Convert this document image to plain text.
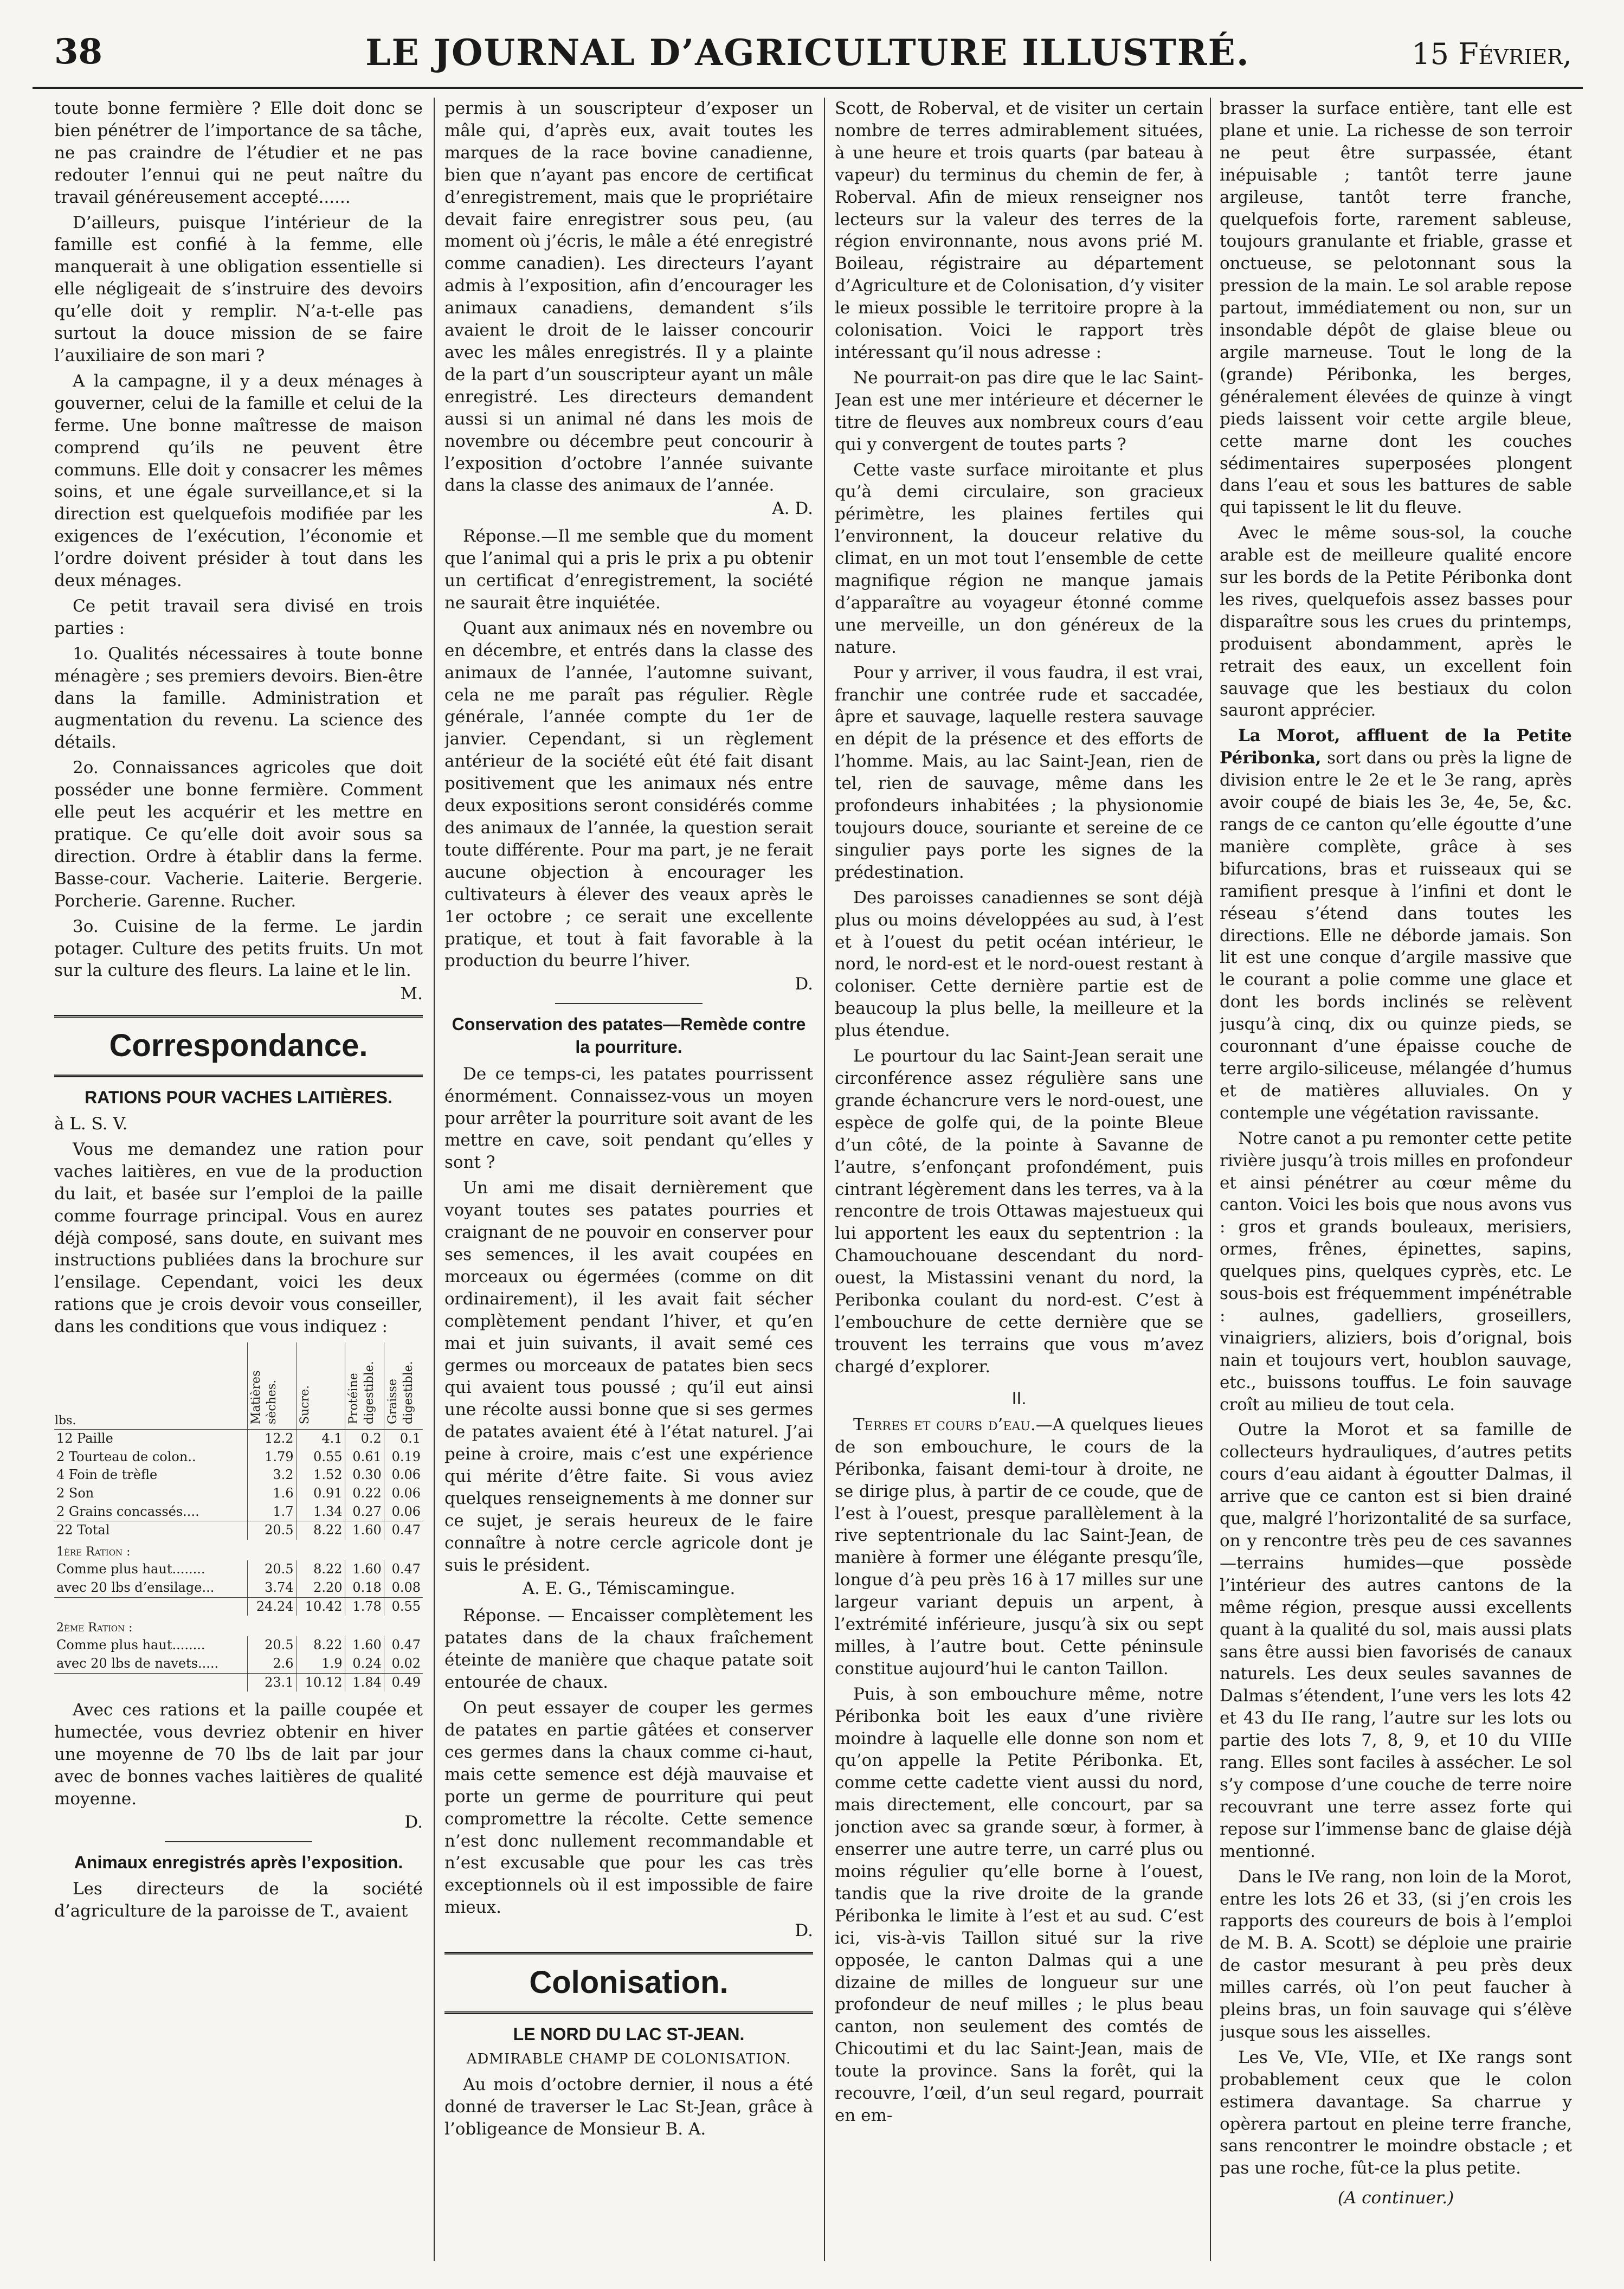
38	LE JOURNAL D’AGRICULTURE ILLUSTRÉ.	15 Février,

toute bonne fermière ? Elle doit donc se bien pénétrer de l’importance de sa tâche, ne pas craindre de l’étudier et ne pas redouter l’ennui qui ne peut naître du travail généreusement accepté......

D’ailleurs, puisque l’intérieur de la famille est confié à la femme, elle manquerait à une obligation essentielle si elle négligeait de s’instruire des devoirs qu’elle doit y remplir. N’a-t-elle pas surtout la douce mission de se faire l’auxiliaire de son mari ?

A la campagne, il y a deux ménages à gouverner, celui de la famille et celui de la ferme. Une bonne maîtresse de maison comprend qu’ils ne peuvent être communs. Elle doit y consacrer les mêmes soins, et une égale surveillance,et si la direction est quelquefois modifiée par les exigences de l’exécution, l’économie et l’ordre doivent présider à tout dans les deux ménages.

Ce petit travail sera divisé en trois parties :

1o. Qualités nécessaires à toute bonne ménagère ; ses premiers devoirs. Bien-être dans la famille. Administration et augmentation du revenu. La science des détails.

2o. Connaissances agricoles que doit posséder une bonne fermière. Comment elle peut les acquérir et les mettre en pratique. Ce qu’elle doit avoir sous sa direction. Ordre à établir dans la ferme. Basse-cour. Vacherie. Laiterie. Bergerie. Porcherie. Garenne. Rucher.

3o. Cuisine de la ferme. Le jardin potager. Culture des petits fruits. Un mot sur la culture des fleurs. La laine et le lin.

M.
Correspondance.
RATIONS POUR VACHES LAITIÈRES.

à L. S. V.

Vous me demandez une ration pour vaches laitières, en vue de la production du lait, et basée sur l’emploi de la paille comme fourrage principal. Vous en aurez déjà composé, sans doute, en suivant mes instructions publiées dans la brochure sur l’ensilage. Cependant, voici les deux rations que je crois devoir vous conseiller, dans les conditions que vous indiquez :

lbs.	Matières sèches.	Sucre.	Protéine digestible.	Graisse digestible.
12 Paille	12.2	4.1	0.2	0.1
2 Tourteau de colon..	1.79	0.55	0.61	0.19
4 Foin de trèfle	3.2	1.52	0.30	0.06
2 Son	1.6	0.91	0.22	0.06
2 Grains concassés....	1.7	1.34	0.27	0.06
22 Total	20.5	8.22	1.60	0.47
1ère Ration :				
Comme plus haut........	20.5	8.22	1.60	0.47
avec 20 lbs d’ensilage...	3.74	2.20	0.18	0.08
	24.24	10.42	1.78	0.55
2ème Ration :				
Comme plus haut........	20.5	8.22	1.60	0.47
avec 20 lbs de navets.....	2.6	1.9	0.24	0.02
	23.1	10.12	1.84	0.49

Avec ces rations et la paille coupée et humectée, vous devriez obtenir en hiver une moyenne de 70 lbs de lait par jour avec de bonnes vaches laitières de qualité moyenne.

D.
Animaux enregistrés après l’exposition.

Les directeurs de la société d’agriculture de la paroisse de T., avaient

permis à un souscripteur d’exposer un mâle qui, d’après eux, avait toutes les marques de la race bovine canadienne, bien que n’ayant pas encore de certificat d’enregistrement, mais que le propriétaire devait faire enregistrer sous peu, (au moment où j’écris, le mâle a été enregistré comme canadien). Les directeurs l’ayant admis à l’exposition, afin d’encourager les animaux canadiens, demandent s’ils avaient le droit de le laisser concourir avec les mâles enregistrés. Il y a plainte de la part d’un souscripteur ayant un mâle enregistré. Les directeurs demandent aussi si un animal né dans les mois de novembre ou décembre peut concourir à l’exposition d’octobre l’année suivante dans la classe des animaux de l’année.

A. D.

Réponse.—Il me semble que du moment que l’animal qui a pris le prix a pu obtenir un certificat d’enregistrement, la société ne saurait être inquiétée.

Quant aux animaux nés en novembre ou en décembre, et entrés dans la classe des animaux de l’année, l’automne suivant, cela ne me paraît pas régulier. Règle générale, l’année compte du 1er de janvier. Cependant, si un règlement antérieur de la société eût été fait disant positivement que les animaux nés entre deux expositions seront considérés comme des animaux de l’année, la question serait toute différente. Pour ma part, je ne ferait aucune objection à encourager les cultivateurs à élever des veaux après le 1er octobre ; ce serait une excellente pratique, et tout à fait favorable à la production du beurre l’hiver.

D.
Conservation des patates—Remède contre la pourriture.

De ce temps-ci, les patates pourrissent énormément. Connaissez-vous un moyen pour arrêter la pourriture soit avant de les mettre en cave, soit pendant qu’elles y sont ?

Un ami me disait dernièrement que voyant toutes ses patates pourries et craignant de ne pouvoir en conserver pour ses semences, il les avait coupées en morceaux ou égermées (comme on dit ordinairement), il les avait fait sécher complètement pendant l’hiver, et qu’en mai et juin suivants, il avait semé ces germes ou morceaux de patates bien secs qui avaient tous poussé ; qu’il eut ainsi une récolte aussi bonne que si ses germes de patates avaient été à l’état naturel. J’ai peine à croire, mais c’est une expérience qui mérite d’être faite. Si vous aviez quelques renseignements à me donner sur ce sujet, je serais heureux de le faire connaître à notre cercle agricole dont je suis le président.

A. E. G., Témiscamingue.

Réponse. — Encaisser complètement les patates dans de la chaux fraîchement éteinte de manière que chaque patate soit entourée de chaux.

On peut essayer de couper les germes de patates en partie gâtées et conserver ces germes dans la chaux comme ci-haut, mais cette semence est déjà mauvaise et porte un germe de pourriture qui peut compromettre la récolte. Cette semence n’est donc nullement recommandable et n’est excusable que pour les cas très exceptionnels où il est impossible de faire mieux.

D.
Colonisation.
LE NORD DU LAC ST-JEAN.
ADMIRABLE CHAMP DE COLONISATION.

Au mois d’octobre dernier, il nous a été donné de traverser le Lac St-Jean, grâce à l’obligeance de Monsieur B. A.

Scott, de Roberval, et de visiter un certain nombre de terres admirablement situées, à une heure et trois quarts (par bateau à vapeur) du terminus du chemin de fer, à Roberval. Afin de mieux renseigner nos lecteurs sur la valeur des terres de la région environnante, nous avons prié M. Boileau, régistraire au département d’Agriculture et de Colonisation, d’y visiter le mieux possible le territoire propre à la colonisation. Voici le rapport très intéressant qu’il nous adresse :

Ne pourrait-on pas dire que le lac Saint-Jean est une mer intérieure et décerner le titre de fleuves aux nombreux cours d’eau qui y convergent de toutes parts ?

Cette vaste surface miroitante et plus qu’à demi circulaire, son gracieux périmètre, les plaines fertiles qui l’environnent, la douceur relative du climat, en un mot tout l’ensemble de cette magnifique région ne manque jamais d’apparaître au voyageur étonné comme une merveille, un don généreux de la nature.

Pour y arriver, il vous faudra, il est vrai, franchir une contrée rude et saccadée, âpre et sauvage, laquelle restera sauvage en dépit de la présence et des efforts de l’homme. Mais, au lac Saint-Jean, rien de tel, rien de sauvage, même dans les profondeurs inhabitées ; la physionomie toujours douce, souriante et sereine de ce singulier pays porte les signes de la prédestination.

Des paroisses canadiennes se sont déjà plus ou moins développées au sud, à l’est et à l’ouest du petit océan intérieur, le nord, le nord-est et le nord-ouest restant à coloniser. Cette dernière partie est de beaucoup la plus belle, la meilleure et la plus étendue.

Le pourtour du lac Saint-Jean serait une circonférence assez régulière sans une grande échancrure vers le nord-ouest, une espèce de golfe qui, de la pointe Bleue d’un côté, de la pointe à Savanne de l’autre, s’enfonçant profondément, puis cintrant légèrement dans les terres, va à la rencontre de trois Ottawas majestueux qui lui apportent les eaux du septentrion : la Chamouchouane descendant du nord-ouest, la Mistassini venant du nord, la Peribonka coulant du nord-est. C’est à l’embouchure de cette dernière que se trouvent les terrains que vous m’avez chargé d’explorer.

II.

Terres et cours d’eau.—A quelques lieues de son embouchure, le cours de la Péribonka, faisant demi-tour à droite, ne se dirige plus, à partir de ce coude, que de l’est à l’ouest, presque parallèlement à la rive septentrionale du lac Saint-Jean, de manière à former une élégante presqu’île, longue d’à peu près 16 à 17 milles sur une largeur variant depuis un arpent, à l’extrémité inférieure, jusqu’à six ou sept milles, à l’autre bout. Cette péninsule constitue aujourd’hui le canton Taillon.

Puis, à son embouchure même, notre Péribonka boit les eaux d’une rivière moindre à laquelle elle donne son nom et qu’on appelle la Petite Péribonka. Et, comme cette cadette vient aussi du nord, mais directement, elle concourt, par sa jonction avec sa grande sœur, à former, à enserrer une autre terre, un carré plus ou moins régulier qu’elle borne à l’ouest, tandis que la rive droite de la grande Péribonka le limite à l’est et au sud. C’est ici, vis-à-vis Taillon situé sur la rive opposée, le canton Dalmas qui a une dizaine de milles de longueur sur une profondeur de neuf milles ; le plus beau canton, non seulement des comtés de Chicoutimi et du lac Saint-Jean, mais de toute la province. Sans la forêt, qui la recouvre, l’œil, d’un seul regard, pourrait en em-

brasser la surface entière, tant elle est plane et unie. La richesse de son terroir ne peut être surpassée, étant inépuisable ; tantôt terre jaune argileuse, tantôt terre franche, quelquefois forte, rarement sableuse, toujours granulante et friable, grasse et onctueuse, se pelotonnant sous la pression de la main. Le sol arable repose partout, immédiatement ou non, sur un insondable dépôt de glaise bleue ou argile marneuse. Tout le long de la (grande) Péribonka, les berges, généralement élevées de quinze à vingt pieds laissent voir cette argile bleue, cette marne dont les couches sédimentaires superposées plongent dans l’eau et sous les battures de sable qui tapissent le lit du fleuve.

Avec le même sous-sol, la couche arable est de meilleure qualité encore sur les bords de la Petite Péribonka dont les rives, quelquefois assez basses pour disparaître sous les crues du printemps, produisent abondamment, après le retrait des eaux, un excellent foin sauvage que les bestiaux du colon sauront apprécier.

La Morot, affluent de la Petite Péribonka, sort dans ou près la ligne de division entre le 2e et le 3e rang, après avoir coupé de biais les 3e, 4e, 5e, &c. rangs de ce canton qu’elle égoutte d’une manière complète, grâce à ses bifurcations, bras et ruisseaux qui se ramifient presque à l’infini et dont le réseau s’étend dans toutes les directions. Elle ne déborde jamais. Son lit est une conque d’argile massive que le courant a polie comme une glace et dont les bords inclinés se relèvent jusqu’à cinq, dix ou quinze pieds, se couronnant d’une épaisse couche de terre argilo-siliceuse, mélangée d’humus et de matières alluviales. On y contemple une végétation ravissante.

Notre canot a pu remonter cette petite rivière jusqu’à trois milles en profondeur et ainsi pénétrer au cœur même du canton. Voici les bois que nous avons vus : gros et grands bouleaux, merisiers, ormes, frênes, épinettes, sapins, quelques pins, quelques cyprès, etc. Le sous-bois est fréquemment impénétrable : aulnes, gadelliers, groseillers, vinaigriers, aliziers, bois d’orignal, bois nain et toujours vert, houblon sauvage, etc., buissons touffus. Le foin sauvage croît au milieu de tout cela.

Outre la Morot et sa famille de collecteurs hydrauliques, d’autres petits cours d’eau aidant à égoutter Dalmas, il arrive que ce canton est si bien drainé que, malgré l’horizontalité de sa surface, on y rencontre très peu de ces savannes—terrains humides—que possède l’intérieur des autres cantons de la même région, presque aussi excellents quant à la qualité du sol, mais aussi plats sans être aussi bien favorisés de canaux naturels. Les deux seules savannes de Dalmas s’étendent, l’une vers les lots 42 et 43 du IIe rang, l’autre sur les lots ou partie des lots 7, 8, 9, et 10 du VIIIe rang. Elles sont faciles à assécher. Le sol s’y compose d’une couche de terre noire recouvrant une terre assez forte qui repose sur l’immense banc de glaise déjà mentionné.

Dans le IVe rang, non loin de la Morot, entre les lots 26 et 33, (si j’en crois les rapports des coureurs de bois à l’emploi de M. B. A. Scott) se déploie une prairie de castor mesurant à peu près deux milles carrés, où l’on peut faucher à pleins bras, un foin sauvage qui s’élève jusque sous les aisselles.

Les Ve, VIe, VIIe, et IXe rangs sont probablement ceux que le colon estimera davantage. Sa charrue y opèrera partout en pleine terre franche, sans rencontrer le moindre obstacle ; et pas une roche, fût-ce la plus petite.

(A continuer.)
